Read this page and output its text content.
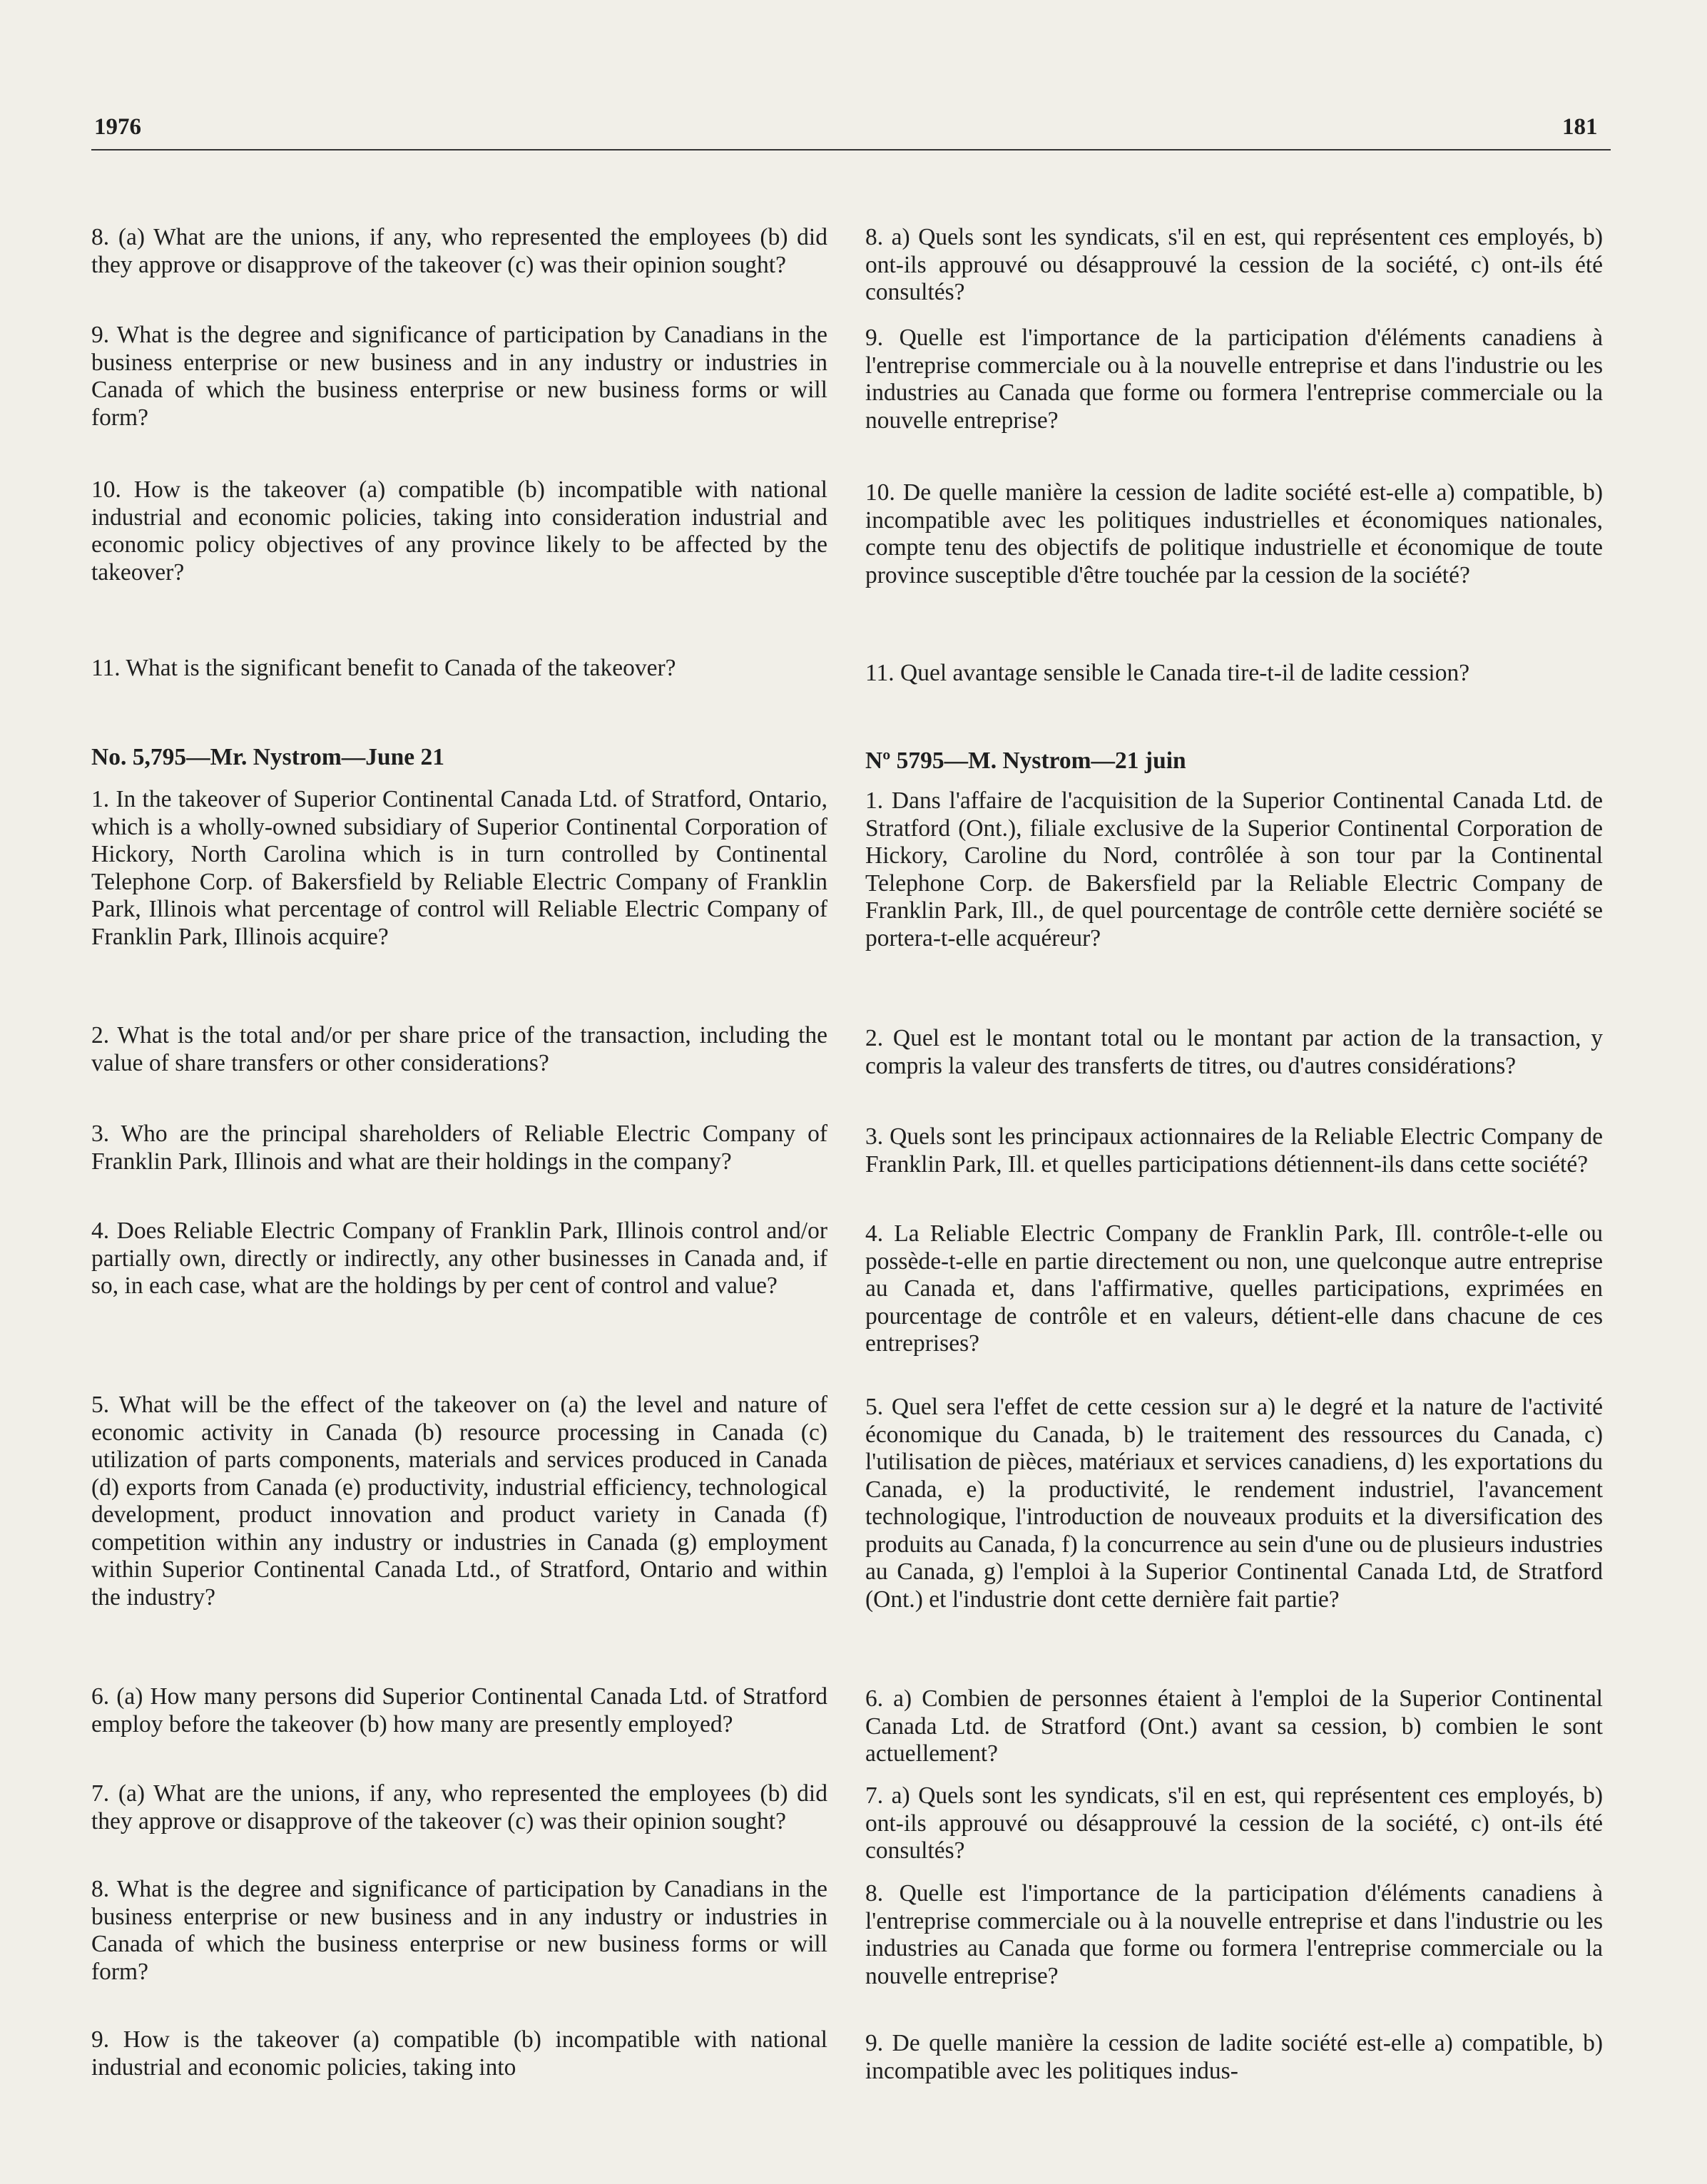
1976	181

8. (a) What are the unions, if any, who represented the employees (b) did they approve or disapprove of the takeover (c) was their opinion sought?

9. What is the degree and significance of participation by Canadians in the business enterprise or new business and in any industry or industries in Canada of which the business enterprise or new business forms or will form?

10. How is the takeover (a) compatible (b) incompatible with national industrial and economic policies, taking into consideration industrial and economic policy objectives of any province likely to be affected by the takeover?

11. What is the significant benefit to Canada of the takeover?

No. 5,795—Mr. Nystrom—June 21

1. In the takeover of Superior Continental Canada Ltd. of Stratford, Ontario, which is a wholly-owned subsidiary of Superior Continental Corporation of Hickory, North Carolina which is in turn controlled by Continental Telephone Corp. of Bakersfield by Reliable Electric Company of Franklin Park, Illinois what percentage of control will Reliable Electric Company of Franklin Park, Illinois acquire?

2. What is the total and/or per share price of the transaction, including the value of share transfers or other considerations?

3. Who are the principal shareholders of Reliable Electric Company of Franklin Park, Illinois and what are their holdings in the company?

4. Does Reliable Electric Company of Franklin Park, Illinois control and/or partially own, directly or indirectly, any other businesses in Canada and, if so, in each case, what are the holdings by per cent of control and value?

5. What will be the effect of the takeover on (a) the level and nature of economic activity in Canada (b) resource processing in Canada (c) utilization of parts components, materials and services produced in Canada (d) exports from Canada (e) productivity, industrial efficiency, technological development, product innovation and product variety in Canada (f) competition within any industry or industries in Canada (g) employment within Superior Continental Canada Ltd., of Stratford, Ontario and within the industry?

6. (a) How many persons did Superior Continental Canada Ltd. of Stratford employ before the takeover (b) how many are presently employed?

7. (a) What are the unions, if any, who represented the employees (b) did they approve or disapprove of the takeover (c) was their opinion sought?

8. What is the degree and significance of participation by Canadians in the business enterprise or new business and in any industry or industries in Canada of which the business enterprise or new business forms or will form?

9. How is the takeover (a) compatible (b) incompatible with national industrial and economic policies, taking into

8. a) Quels sont les syndicats, s'il en est, qui représentent ces employés, b) ont-ils approuvé ou désapprouvé la cession de la société, c) ont-ils été consultés?

9. Quelle est l'importance de la participation d'éléments canadiens à l'entreprise commerciale ou à la nouvelle entreprise et dans l'industrie ou les industries au Canada que forme ou formera l'entreprise commerciale ou la nouvelle entreprise?

10. De quelle manière la cession de ladite société est-elle a) compatible, b) incompatible avec les politiques industrielles et économiques nationales, compte tenu des objectifs de politique industrielle et économique de toute province susceptible d'être touchée par la cession de la société?

11. Quel avantage sensible le Canada tire-t-il de ladite cession?

Nº 5795—M. Nystrom—21 juin

1. Dans l'affaire de l'acquisition de la Superior Continental Canada Ltd. de Stratford (Ont.), filiale exclusive de la Superior Continental Corporation de Hickory, Caroline du Nord, contrôlée à son tour par la Continental Telephone Corp. de Bakersfield par la Reliable Electric Company de Franklin Park, Ill., de quel pourcentage de contrôle cette dernière société se portera-t-elle acquéreur?

2. Quel est le montant total ou le montant par action de la transaction, y compris la valeur des transferts de titres, ou d'autres considérations?

3. Quels sont les principaux actionnaires de la Reliable Electric Company de Franklin Park, Ill. et quelles participations détiennent-ils dans cette société?

4. La Reliable Electric Company de Franklin Park, Ill. contrôle-t-elle ou possède-t-elle en partie directement ou non, une quelconque autre entreprise au Canada et, dans l'affirmative, quelles participations, exprimées en pourcentage de contrôle et en valeurs, détient-elle dans chacune de ces entreprises?

5. Quel sera l'effet de cette cession sur a) le degré et la nature de l'activité économique du Canada, b) le traitement des ressources du Canada, c) l'utilisation de pièces, matériaux et services canadiens, d) les exportations du Canada, e) la productivité, le rendement industriel, l'avancement technologique, l'introduction de nouveaux produits et la diversification des produits au Canada, f) la concurrence au sein d'une ou de plusieurs industries au Canada, g) l'emploi à la Superior Continental Canada Ltd, de Stratford (Ont.) et l'industrie dont cette dernière fait partie?

6. a) Combien de personnes étaient à l'emploi de la Superior Continental Canada Ltd. de Stratford (Ont.) avant sa cession, b) combien le sont actuellement?

7. a) Quels sont les syndicats, s'il en est, qui représentent ces employés, b) ont-ils approuvé ou désapprouvé la cession de la société, c) ont-ils été consultés?

8. Quelle est l'importance de la participation d'éléments canadiens à l'entreprise commerciale ou à la nouvelle entreprise et dans l'industrie ou les industries au Canada que forme ou formera l'entreprise commerciale ou la nouvelle entreprise?

9. De quelle manière la cession de ladite société est-elle a) compatible, b) incompatible avec les politiques indus-
